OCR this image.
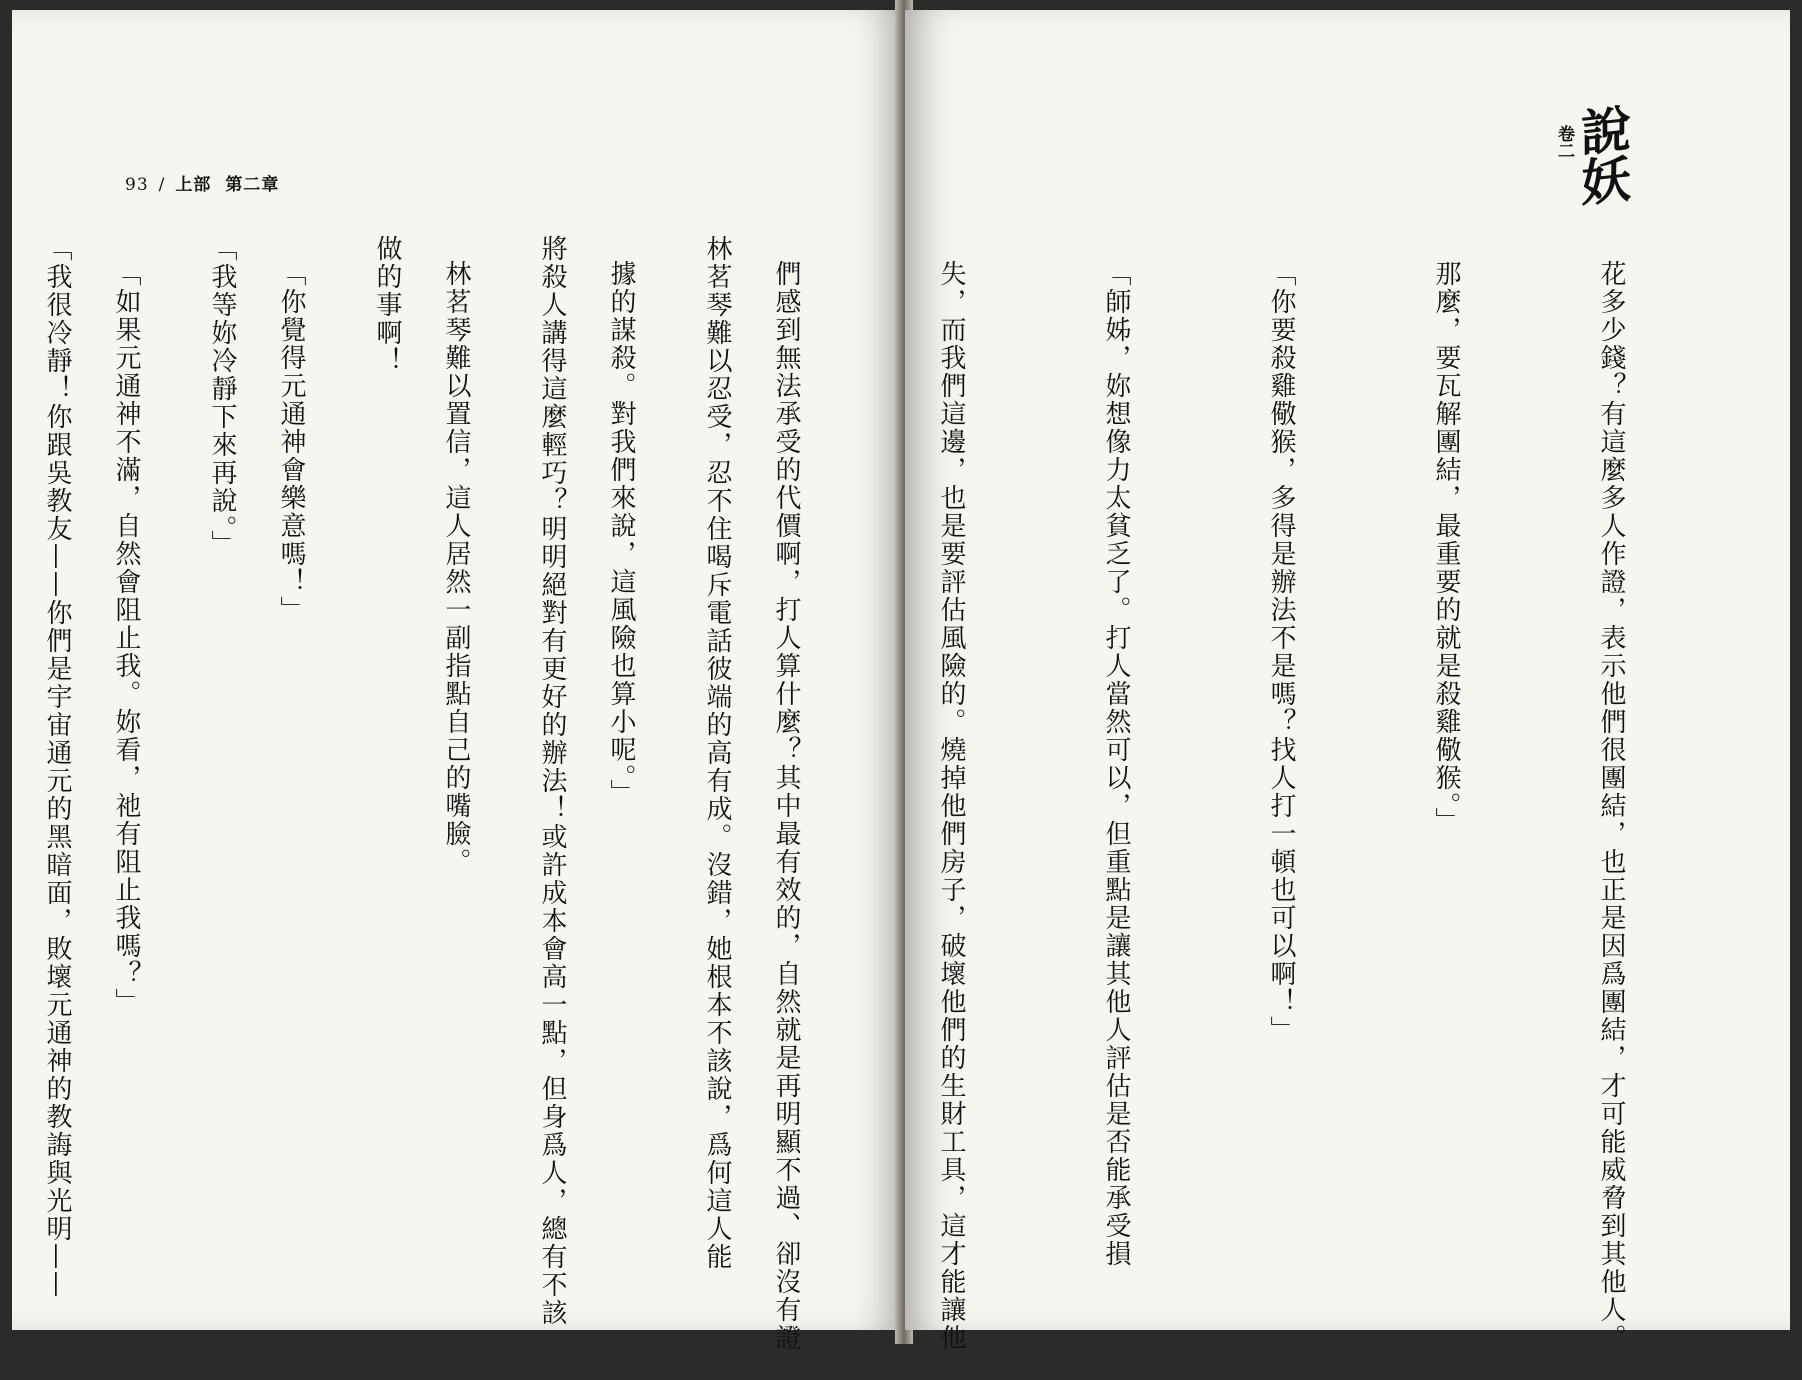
93 / 上部 第二章

林茗琴難以忍受，忍不住喝斥電話彼端的高有成。沒錯，她根本不該說，爲何這人能

將殺人講得這麼輕巧？明明絕對有更好的辦法！或許成本會高一點，但身爲人，總有不該

做的事啊！

「我等妳冷靜下來再說。」

「我很冷靜！你跟吳教友——你們是宇宙通元的黑暗面，敗壞元通神的教誨與光明——

	花多少錢？有這麼多人作證，表示他們很團結，也正是因爲團結，才可能威脅到其他人。

那麼，要瓦解團結，最重要的就是殺雞儆猴。」

「你要殺雞儆猴，多得是辦法不是嗎？找人打一頓也可以啊！」

「師姊，妳想像力太貧乏了。打人當然可以，但重點是讓其他人評估是否能承受損

失，而我們這邊，也是要評估風險的。燒掉他們房子，破壞他們的生財工具，這才能讓他

們感到無法承受的代價啊，打人算什麼？其中最有效的，自然就是再明顯不過、卻沒有證

據的謀殺。對我們來說，這風險也算小呢。」

林茗琴難以置信，這人居然一副指點自己的嘴臉。

「你覺得元通神會樂意嗎！」

「如果元通神不滿，自然會阻止我。妳看，祂有阻止我嗎？」

卷二 說妖
